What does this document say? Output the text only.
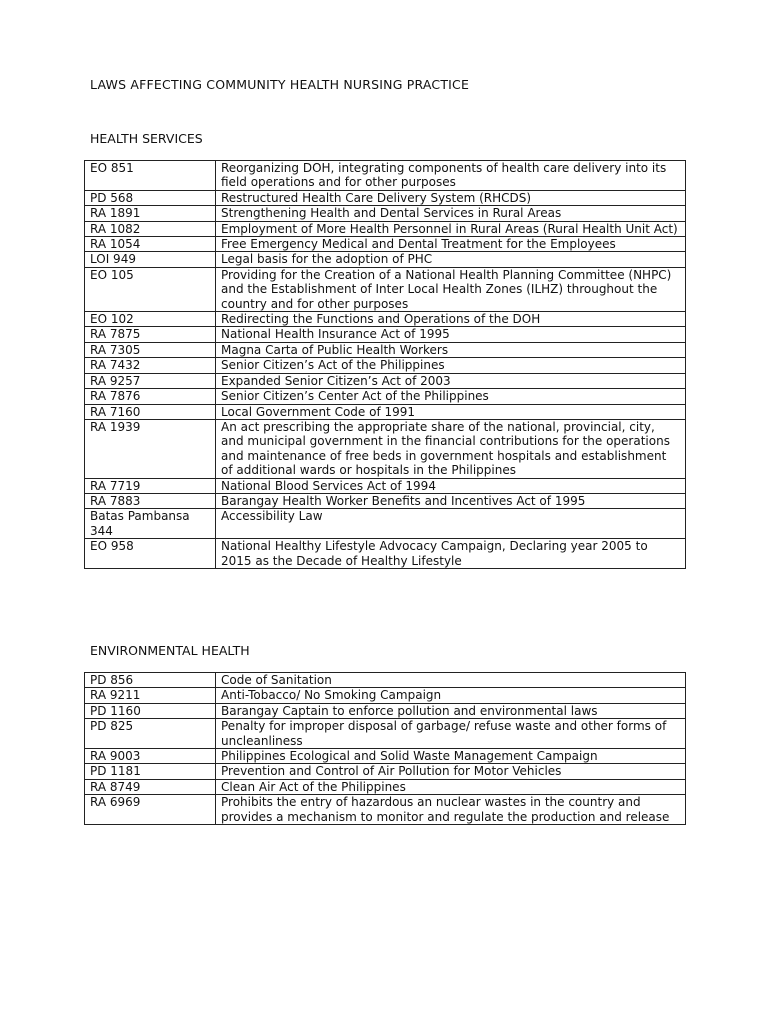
LAWS AFFECTING COMMUNITY HEALTH NURSING PRACTICE
HEALTH SERVICES
EO 851	Reorganizing DOH, integrating components of health care delivery into its field operations and for other purposes
PD 568	Restructured Health Care Delivery System (RHCDS)
RA 1891	Strengthening Health and Dental Services in Rural Areas
RA 1082	Employment of More Health Personnel in Rural Areas (Rural Health Unit Act)
RA 1054	Free Emergency Medical and Dental Treatment for the Employees
LOI 949	Legal basis for the adoption of PHC
EO 105	Providing for the Creation of a National Health Planning Committee (NHPC) and the Establishment of Inter Local Health Zones (ILHZ) throughout the country and for other purposes
EO 102	Redirecting the Functions and Operations of the DOH
RA 7875	National Health Insurance Act of 1995
RA 7305	Magna Carta of Public Health Workers
RA 7432	Senior Citizen’s Act of the Philippines
RA 9257	Expanded Senior Citizen’s Act of 2003
RA 7876	Senior Citizen’s Center Act of the Philippines
RA 7160	Local Government Code of 1991
RA 1939	An act prescribing the appropriate share of the national, provincial, city, and municipal government in the financial contributions for the operations and maintenance of free beds in government hospitals and establishment of additional wards or hospitals in the Philippines
RA 7719	National Blood Services Act of 1994
RA 7883	Barangay Health Worker Benefits and Incentives Act of 1995
Batas Pambansa 344	Accessibility Law
EO 958	National Healthy Lifestyle Advocacy Campaign, Declaring year 2005 to 2015 as the Decade of Healthy Lifestyle
ENVIRONMENTAL HEALTH
PD 856	Code of Sanitation
RA 9211	Anti-Tobacco/ No Smoking Campaign
PD 1160	Barangay Captain to enforce pollution and environmental laws
PD 825	Penalty for improper disposal of garbage/ refuse waste and other forms of uncleanliness
RA 9003	Philippines Ecological and Solid Waste Management Campaign
PD 1181	Prevention and Control of Air Pollution for Motor Vehicles
RA 8749	Clean Air Act of the Philippines
RA 6969	Prohibits the entry of hazardous an nuclear wastes in the country and provides a mechanism to monitor and regulate the production and release
